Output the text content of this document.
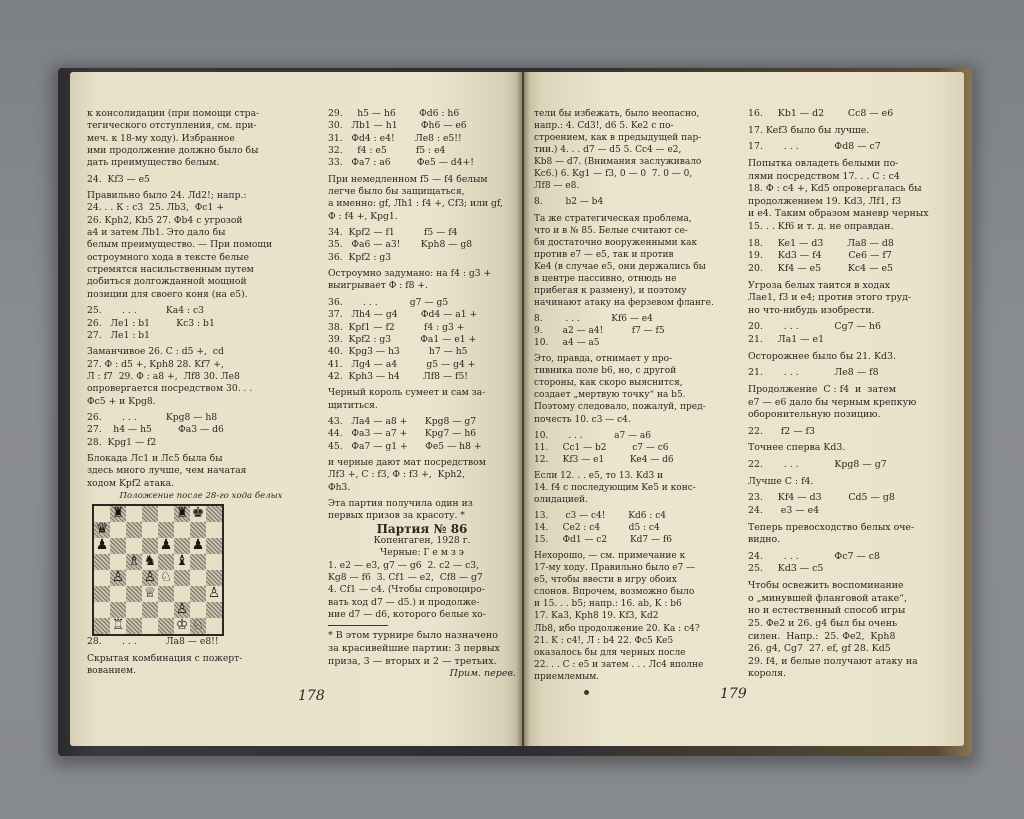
к консолидации (при помощи стра-

тегического отступления, см. при-

меч. к 18-му ходу). Избранное

ими продолжение должно было бы

дать преимущество белым.

24.  Kf3 — e5

Правильно было 24. Лd2!; напр.:

24. . . К : c3  25. Лb3,  Фc1 +

26. Kph2, Kb5 27. Фb4 с угрозой

a4 и затем Лb1. Это дало бы

белым преимущество. — При помощи

остроумного хода в тексте белые

стремятся насильственным путем

добиться долгожданной мощной

позиции для своего коня (на e5).

25.       . . .          Ka4 : c3

26.   Лe1 : b1         Kc3 : b1

27.   Лe1 : b1

Заманчивое 26. С : d5 +,  cd

27. Ф : d5 +, Kph8 28. Kf7 +,

Л : f7  29. Ф : a8 +,  Лf8 30. Лe8

опровергается посредством 30. . .

Фc5 + и Kpg8.

26.       . . .          Kpg8 — h8

27.    h4 — h5         Фa3 — d6

28.  Kpg1 — f2

Блокада Лc1 и Лc5 была бы

здесь много лучше, чем начатая

ходом Kpf2 атака.

Положение после 28-го хода белых

28.       . . .          Лa8 — e8!!

Скрытая комбинация с пожерт-

вованием.

29.     h5 — h6        Фd6 : h6

30.   Лb1 — h1        Фh6 — e6

31.   Фd4 : e4!       Лe8 : e5!!

32.     f4 : e5          f5 : e4

33.   Фa7 : a6         Фe5 — d4+!

При немедленном f5 — f4 белым

легче было бы защищаться,

а именно: gf, Лh1 : f4 +, Cf3; или gf,

Ф : f4 +, Kpg1.

34.  Kpf2 — f1          f5 — f4

35.   Фa6 — a3!       Kph8 — g8

36.  Kpf2 : g3

Остроумно задумано: на f4 : g3 +

выигрывает Ф : f8 +.

36.       . . .           g7 — g5

37.   Лh4 — g4        Фd4 — a1 +

38.  Kpf1 — f2          f4 : g3 +

39.  Kpf2 : g3          Фa1 — e1 +

40.  Kpg3 — h3          h7 — h5

41.   Лg4 — a4          g5 — g4 +

42.  Kph3 — h4        Лf8 — f5!

Черный король сумеет и сам за-

щититься.

43.   Лa4 — a8 +      Kpg8 — g7

44.   Фa3 — a7 +      Kpg7 — h6

45.   Фa7 — g1 +      Фe5 — h8 +

и черные дают мат посредством

Лf3 +, С : f3, Ф : f3 +,  Kph2,

Фh3.

Эта партия получила один из

первых призов за красоту. *

Партия № 86

Копенгаген, 1928 г.

Черные: Г е м з э

1. e2 — e3, g7 — g6  2. c2 — c3,

Kg8 — f6  3. Cf1 — e2,  Cf8 — g7

4. Cf1 — c4. (Чтобы спровоциро-

вать ход d7 — d5.) и продолже-

ние d7 — d6, которого белые хо-

* В этом турнире было назначено

за красивейшие партии: 3 первых

приза, 3 — вторых и 2 — третьих.

Прим. перев.

178

тели бы избежать, было неопасно,

напр.: 4. Cd3!, d6 5. Ke2 с по-

строением, как в предыдущей пар-

тии.) 4. . . d7 — d5 5. Cc4 — e2,

Kb8 — d7. (Внимания заслуживало

Kc6.) 6. Kg1 — f3, 0 — 0  7. 0 — 0,

Лf8 — e8.

8.        b2 — b4

Та же стратегическая проблема,

что и в № 85. Белые считают се-

бя достаточно вооруженными как

против e7 — e5, так и против

Ke4 (в случае e5, они держались бы

в центре пассивно, отнюдь не

прибегая к размену), и поэтому

начинают атаку на ферзевом фланге.

8.        . . .           Kf6 — e4

9.       a2 — a4!          f7 — f5

10.     a4 — a5

Это, правда, отнимает у про-

тивника поле b6, но, с другой

стороны, как скоро выяснится,

создает „мертвую точку“ на b5.

Поэтому следовало, пожалуй, пред-

почесть 10. c3 — c4.

10.       . . .           a7 — a6

11.     Cc1 — b2         c7 — c6

12.     Kf3 — e1         Ke4 — d6

Если 12. . . e5, то 13. Kd3 и

14. f4 с последующим Ke5 и конс-

олидацией.

13.      c3 — c4!        Kd6 : c4

14.     Ce2 : c4          d5 : c4

15.     Фd1 — c2        Kd7 — f6

Нехорошо, — см. примечание к

17-му ходу. Правильно было e7 —

e5, чтобы ввести в игру обоих

слонов. Впрочем, возможно было

и 15. . . b5; напр.: 16. ab, K : b6

17. Ka3, Kph8 19. Kf3, Kd2

Лb8, ибо продолжение 20. Ka : c4?

21. K : c4!, Л : b4 22. Фc5 Ke5

оказалось бы для черных после

22. . . C : e5 и затем . . . Лc4 вполне

приемлемым.

16.     Kb1 — d2        Cc8 — e6

17. Kef3 было бы лучше.

17.       . . .            Фd8 — c7

Попытка овладеть белыми по-

лями посредством 17. . . C : c4

18. Ф : c4 +, Kd5 опровергалась бы

продолжением 19. Kd3, Лf1, f3

и e4. Таким образом маневр черных

15. . . Kf6 и т. д. не оправдан.

18.     Ke1 — d3        Лa8 — d8

19.     Kd3 — f4         Ce6 — f7

20.     Kf4 — e5         Kc4 — e5

Угроза белых таится в ходах

Лae1, f3 и e4; против этого труд-

но что-нибудь изобрести.

20.       . . .            Cg7 — h6

21.     Лa1 — e1

Осторожнее было бы 21. Kd3.

21.       . . .            Лe8 — f8

Продолжение  C : f4  и  затем

e7 — e6 дало бы черным крепкую

оборонительную позицию.

22.      f2 — f3

Точнее сперва Kd3.

22.       . . .            Kpg8 — g7

Лучше C : f4.

23.     Kf4 — d3         Cd5 — g8

24.      e3 — e4

Теперь превосходство белых оче-

видно.

24.       . . .            Фc7 — c8

25.     Kd3 — c5

Чтобы освежить воспоминание

о „минувшей фланговой атаке“,

но и естественный способ игры

25. Фe2 и 26. g4 был бы очень

силен.  Напр.:  25. Фe2,  Kph8

26. g4, Cg7  27. ef, gf 28. Kd5

29. f4, и белые получают атаку на

короля.

179
♜	♜ ♚
♛
♟	♟ ♟
♗ ♞ ♝
♙ ♙ ♘
♕	♙
♙
♖	♔ ♘
